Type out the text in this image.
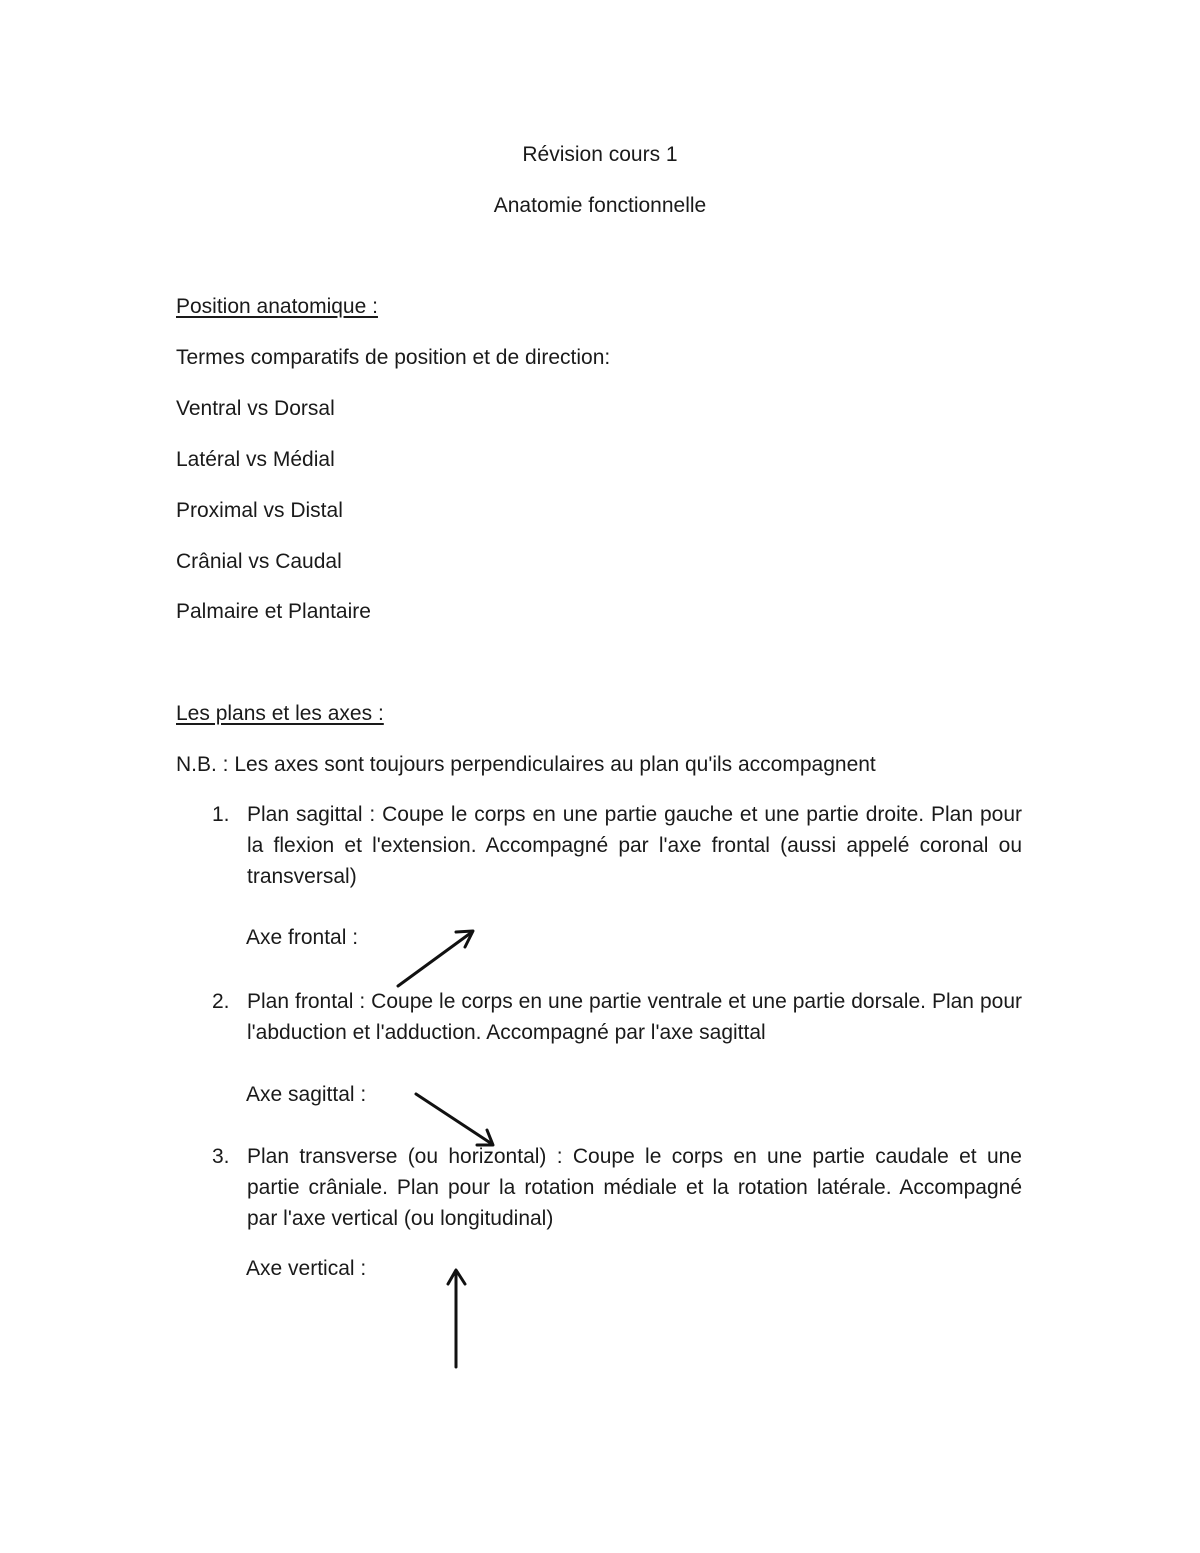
Révision cours 1

Anatomie fonctionnelle

Position anatomique :

Termes comparatifs de position et de direction:

Ventral vs Dorsal

Latéral vs Médial

Proximal vs Distal

Crânial vs Caudal

Palmaire et Plantaire

Les plans et les axes :

N.B. : Les axes sont toujours perpendiculaires au plan qu'ils accompagnent

1. Plan sagittal : Coupe le corps en une partie gauche et une partie droite. Plan pour la flexion et l'extension. Accompagné par l'axe frontal (aussi appelé coronal ou transversal)
Axe frontal :
2. Plan frontal : Coupe le corps en une partie ventrale et une partie dorsale. Plan pour l'abduction et l'adduction. Accompagné par l'axe sagittal
Axe sagittal :
3. Plan transverse (ou horizontal) : Coupe le corps en une partie caudale et une partie crâniale. Plan pour la rotation médiale et la rotation latérale. Accompagné par l'axe vertical (ou longitudinal)
Axe vertical :
